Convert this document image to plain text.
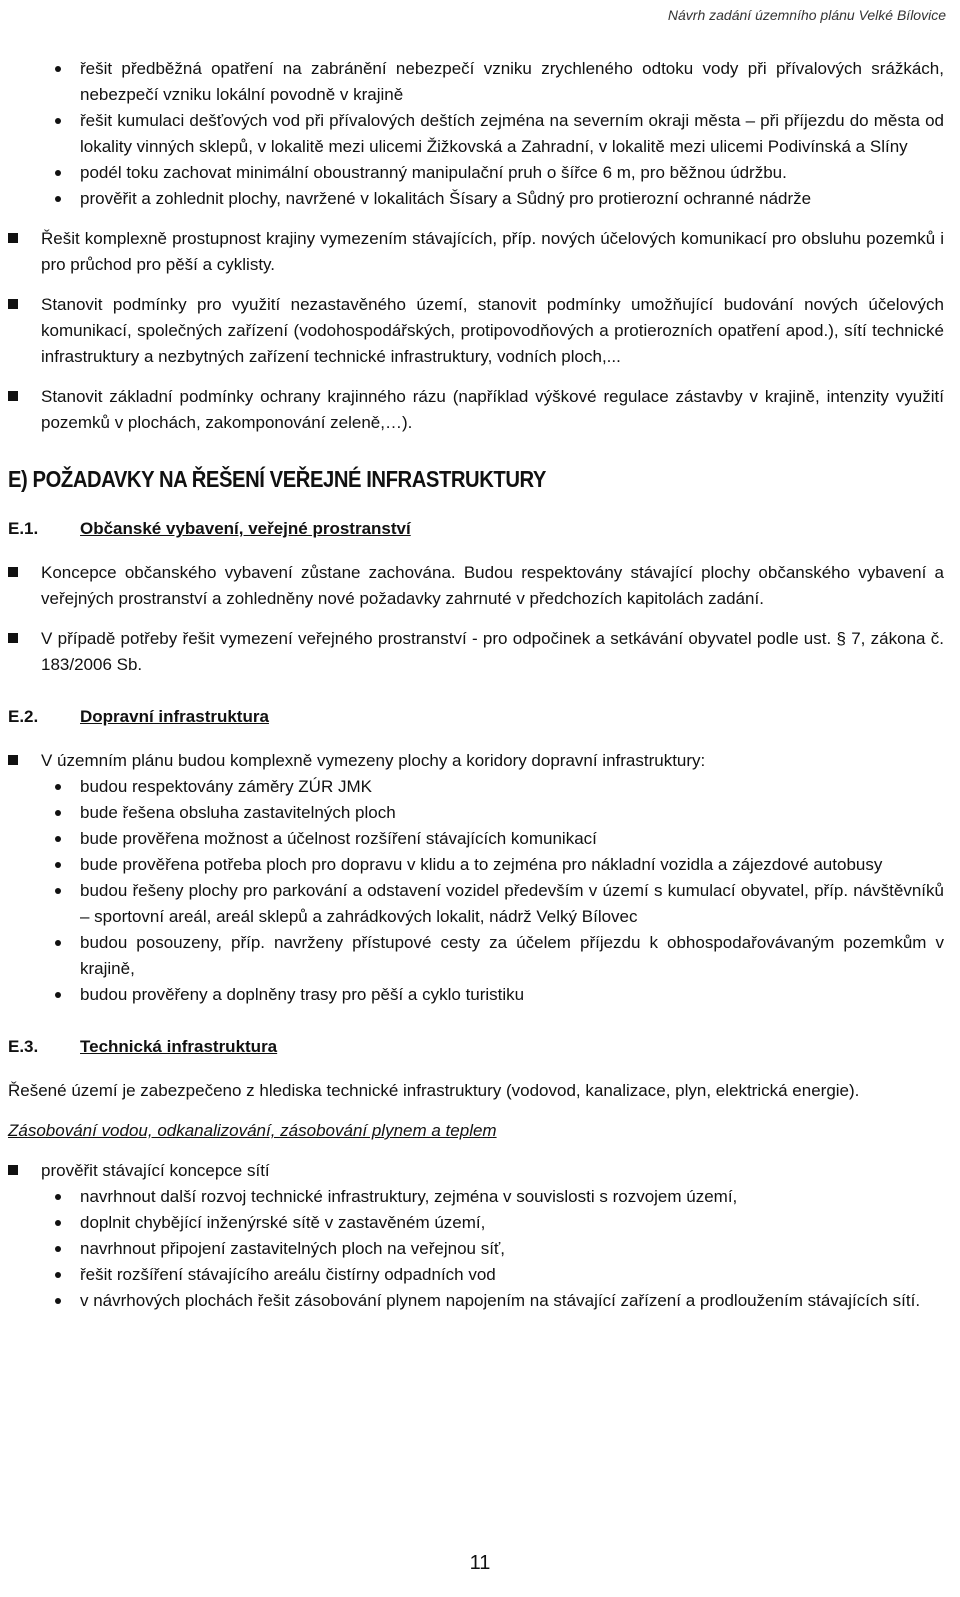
Návrh zadání územního plánu Velké Bílovice
řešit předběžná opatření na zabránění nebezpečí vzniku zrychleného odtoku vody při přívalových srážkách, nebezpečí vzniku lokální povodně v krajině
řešit kumulaci dešťových vod při přívalových deštích zejména na severním okraji města – při příjezdu do města od lokality vinných sklepů, v lokalitě mezi ulicemi Žižkovská a Zahradní, v lokalitě mezi ulicemi Podivínská a Slíny
podél toku zachovat minimální oboustranný manipulační pruh o šířce 6 m, pro běžnou údržbu.
prověřit a zohlednit plochy, navržené v lokalitách Šísary a Sůdný pro protierozní ochranné nádrže
Řešit komplexně prostupnost krajiny vymezením stávajících, příp. nových účelových komunikací pro obsluhu pozemků i pro průchod pro pěší a cyklisty.
Stanovit podmínky pro využití nezastavěného území, stanovit podmínky umožňující budování nových účelových komunikací, společných zařízení (vodohospodářských, protipovodňových a protierozních opatření apod.), sítí technické infrastruktury a nezbytných zařízení technické infrastruktury, vodních ploch,...
Stanovit základní podmínky ochrany krajinného rázu (například výškové regulace zástavby v krajině, intenzity využití pozemků v plochách, zakomponování zeleně,…).
E) POŽADAVKY NA ŘEŠENÍ VEŘEJNÉ INFRASTRUKTURY
E.1. Občanské vybavení, veřejné prostranství
Koncepce občanského vybavení zůstane zachována. Budou respektovány stávající plochy občanského vybavení a veřejných prostranství a zohledněny nové požadavky zahrnuté v předchozích kapitolách zadání.
V případě potřeby řešit vymezení veřejného prostranství - pro odpočinek a setkávání obyvatel podle ust. § 7, zákona č. 183/2006 Sb.
E.2. Dopravní infrastruktura
V územním plánu budou komplexně vymezeny plochy a koridory dopravní infrastruktury:
budou respektovány záměry ZÚR JMK
bude řešena obsluha zastavitelných ploch
bude prověřena možnost a účelnost rozšíření stávajících komunikací
bude prověřena potřeba ploch pro dopravu v klidu a to zejména pro nákladní vozidla a zájezdové autobusy
budou řešeny plochy pro parkování a odstavení vozidel především v území s kumulací obyvatel, příp. návštěvníků – sportovní areál, areál sklepů a zahrádkových lokalit, nádrž Velký Bílovec
budou posouzeny, příp. navrženy přístupové cesty za účelem příjezdu k obhospodařovávaným pozemkům v krajině,
budou prověřeny a doplněny trasy pro pěší a cyklo turistiku
E.3. Technická infrastruktura
Řešené území je zabezpečeno z hlediska technické infrastruktury (vodovod, kanalizace, plyn, elektrická energie).
Zásobování vodou, odkanalizování, zásobování plynem a teplem
prověřit stávající koncepce sítí
navrhnout další rozvoj technické infrastruktury, zejména v souvislosti s rozvojem území,
doplnit chybějící inženýrské sítě v zastavěném území,
navrhnout připojení zastavitelných ploch na veřejnou síť,
řešit rozšíření stávajícího areálu čistírny odpadních vod
v návrhových plochách řešit zásobování plynem napojením na stávající zařízení a prodloužením stávajících sítí.
11
